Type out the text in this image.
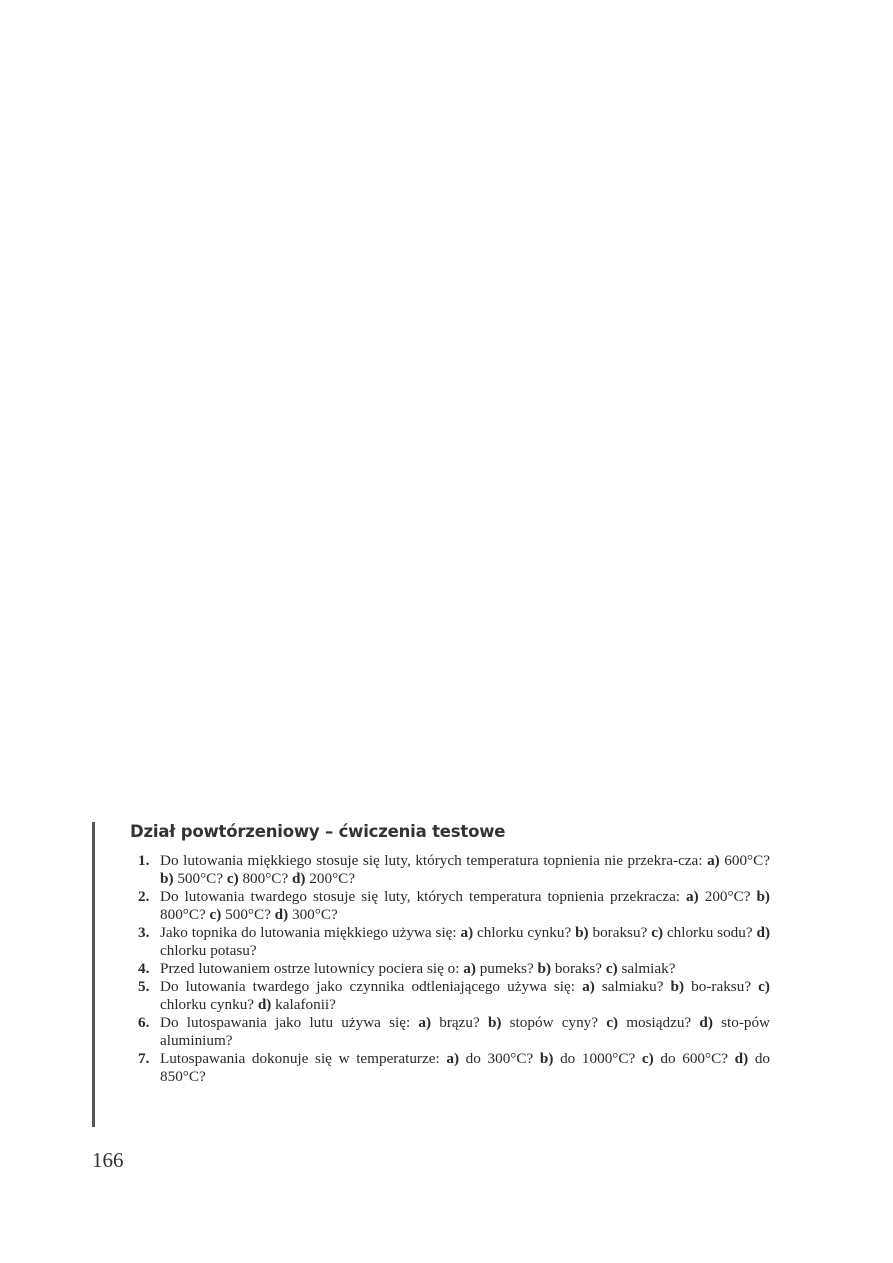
Dział powtórzeniowy – ćwiczenia testowe
1. Do lutowania miękkiego stosuje się luty, których temperatura topnienia nie przekra-cza: a) 600°C? b) 500°C? c) 800°C? d) 200°C?
2. Do lutowania twardego stosuje się luty, których temperatura topnienia przekracza: a) 200°C? b) 800°C? c) 500°C? d) 300°C?
3. Jako topnika do lutowania miękkiego używa się: a) chlorku cynku? b) boraksu? c) chlorku sodu? d) chlorku potasu?
4. Przed lutowaniem ostrze lutownicy pociera się o: a) pumeks? b) boraks? c) salmiak?
5. Do lutowania twardego jako czynnika odtleniającego używa się: a) salmiaku? b) bo-raksu? c) chlorku cynku? d) kalafonii?
6. Do lutospawania jako lutu używa się: a) brązu? b) stopów cyny? c) mosiądzu? d) sto-pów aluminium?
7. Lutospawania dokonuje się w temperaturze: a) do 300°C? b) do 1000°C? c) do 600°C? d) do 850°C?
166
